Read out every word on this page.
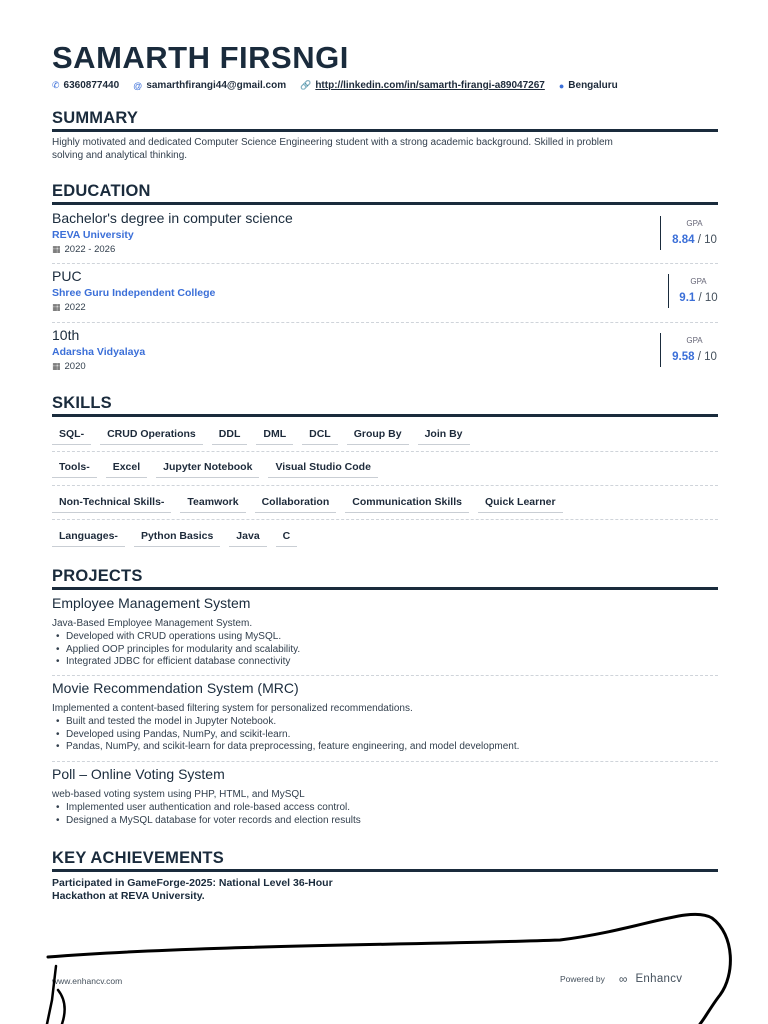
SAMARTH FIRSNGI
✆ 6360877440 @ samarthfirangi44@gmail.com 🔗 http://linkedin.com/in/samarth-firangi-a89047267 ● Bengaluru
SUMMARY
Highly motivated and dedicated Computer Science Engineering student with a strong academic background. Skilled in problem
solving and analytical thinking.
EDUCATION
Bachelor's degree in computer science
REVA University
▦ 2022 - 2026
GPA
8.84 / 10
PUC
Shree Guru Independent College
▦ 2022
GPA
9.1 / 10
10th
Adarsha Vidyalaya
▦ 2020
GPA
9.58 / 10
SKILLS
SQL-	CRUD Operations	DDL	DML	DCL	Group By	Join By
Tools-	Excel	Jupyter Notebook	Visual Studio Code
Non-Technical Skills-	Teamwork	Collaboration	Communication Skills	Quick Learner
Languages-	Python Basics	Java	C
PROJECTS
Employee Management System
Java-Based Employee Management System.
• Developed with CRUD operations using MySQL.
• Applied OOP principles for modularity and scalability.
• Integrated JDBC for efficient database connectivity
Movie Recommendation System (MRC)
Implemented a content-based filtering system for personalized recommendations.
• Built and tested the model in Jupyter Notebook.
• Developed using Pandas, NumPy, and scikit-learn.
• Pandas, NumPy, and scikit-learn for data preprocessing, feature engineering, and model development.
Poll – Online Voting System
web-based voting system using PHP, HTML, and MySQL
• Implemented user authentication and role-based access control.
• Designed a MySQL database for voter records and election results
KEY ACHIEVEMENTS
Participated in GameForge-2025: National Level 36-Hour
Hackathon at REVA University.
www.enhancv.com	Powered by ∞ Enhancv
